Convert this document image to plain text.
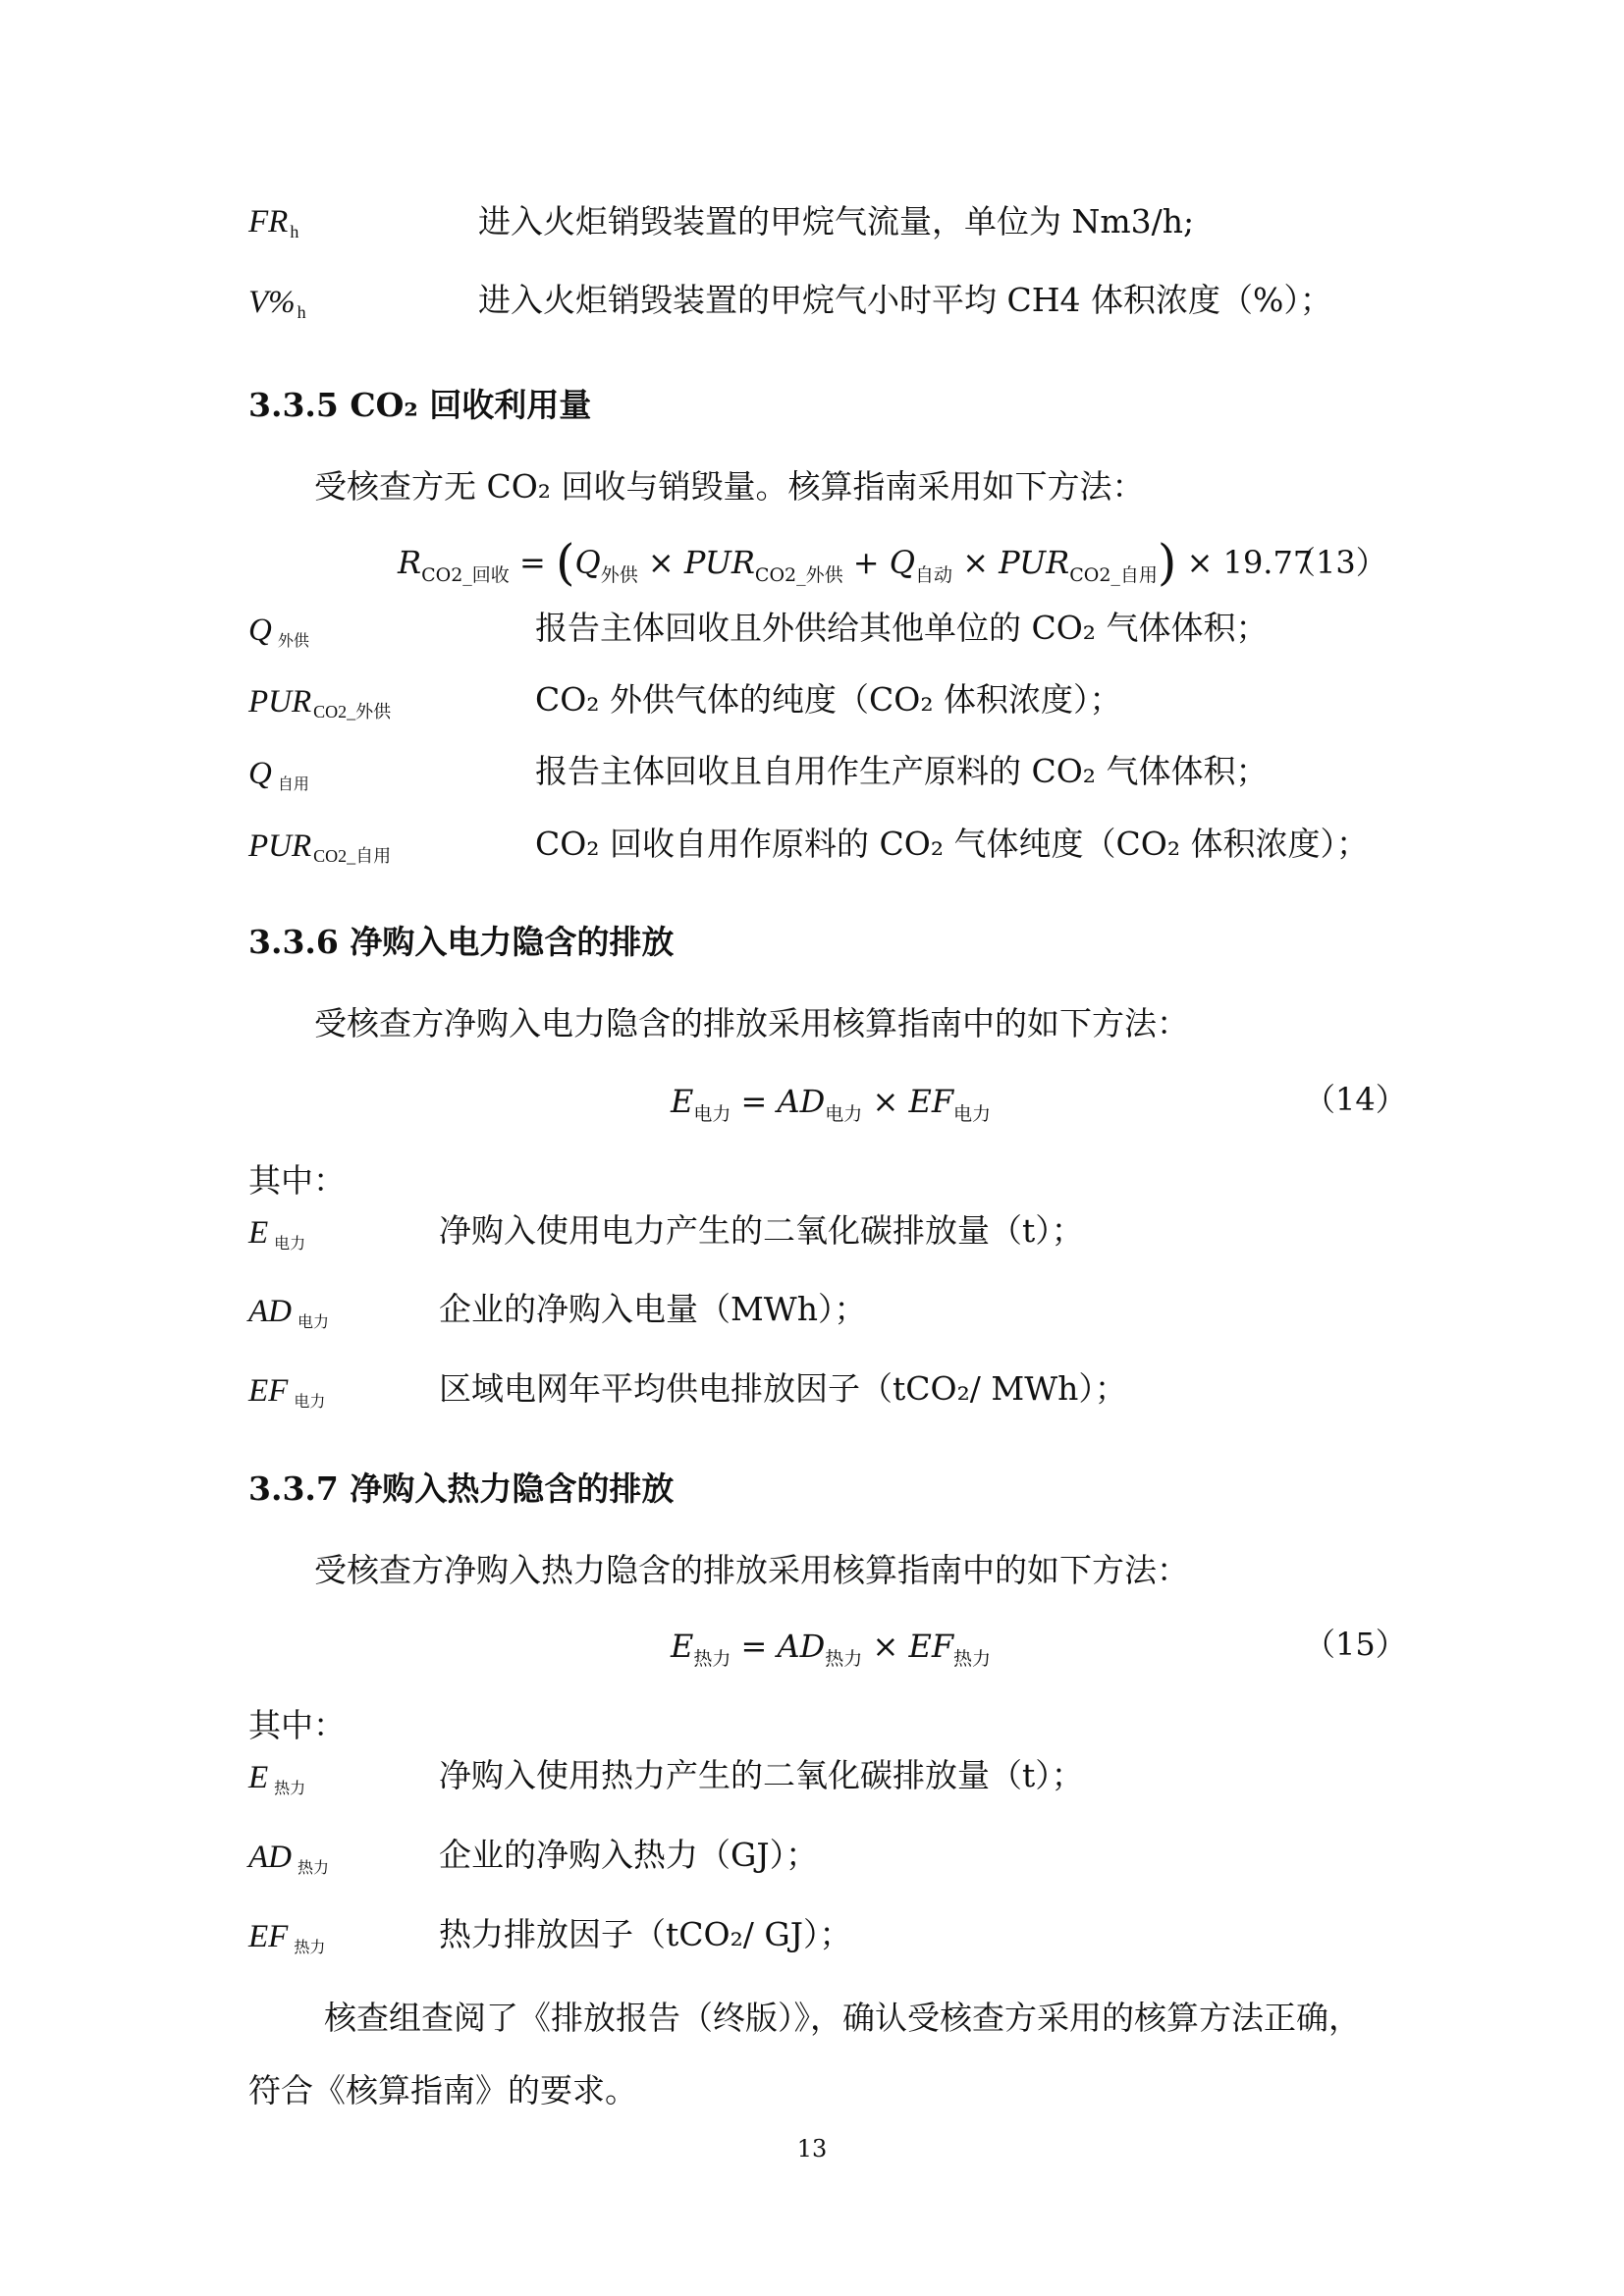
FR $_h$	进入火炬销毁装置的甲烷气流量，单位为 Nm3/h;
V% $_h$	进入火炬销毁装置的甲烷气小时平均 CH4 体积浓度（%）；
3.3.5 CO₂ 回收利用量
受核查方无 CO₂ 回收与销毁量。核算指南采用如下方法：
$R_{CO2\_回收} = (Q_{外供} \times PUR_{CO2\_外供} + Q_{自动} \times PUR_{CO2\_自用}) \times 19.77$
（13）
Q外供	报告主体回收且外供给其他单位的 CO₂ 气体体积；
PUR $_{CO2\_外供}$	CO₂ 外供气体的纯度（CO₂ 体积浓度）；
Q自用	报告主体回收且自用作生产原料的 CO₂ 气体体积；
PUR $_{CO2\_自用}$	CO₂ 回收自用作原料的 CO₂ 气体纯度（CO₂ 体积浓度）；
3.3.6 净购入电力隐含的排放
受核查方净购入电力隐含的排放采用核算指南中的如下方法：
$E_{电力} = AD_{电力} \times EF_{电力}$	（14）
其中：
E电力	净购入使用电力产生的二氧化碳排放量（t）；
AD 电力	企业的净购入电量（MWh）；
EF 电力	区域电网年平均供电排放因子（tCO₂/ MWh）；
3.3.7 净购入热力隐含的排放
受核查方净购入热力隐含的排放采用核算指南中的如下方法：
$E_{热力} = AD_{热力} \times EF_{热力}$	（15）
其中：
E热力	净购入使用热力产生的二氧化碳排放量（t）；
AD 热力	企业的净购入热力（GJ）；
EF 热力	热力排放因子（tCO₂/ GJ）；
核查组查阅了《排放报告（终版）》，确认受核查方采用的核算方法正确，
符合《核算指南》的要求。
13
